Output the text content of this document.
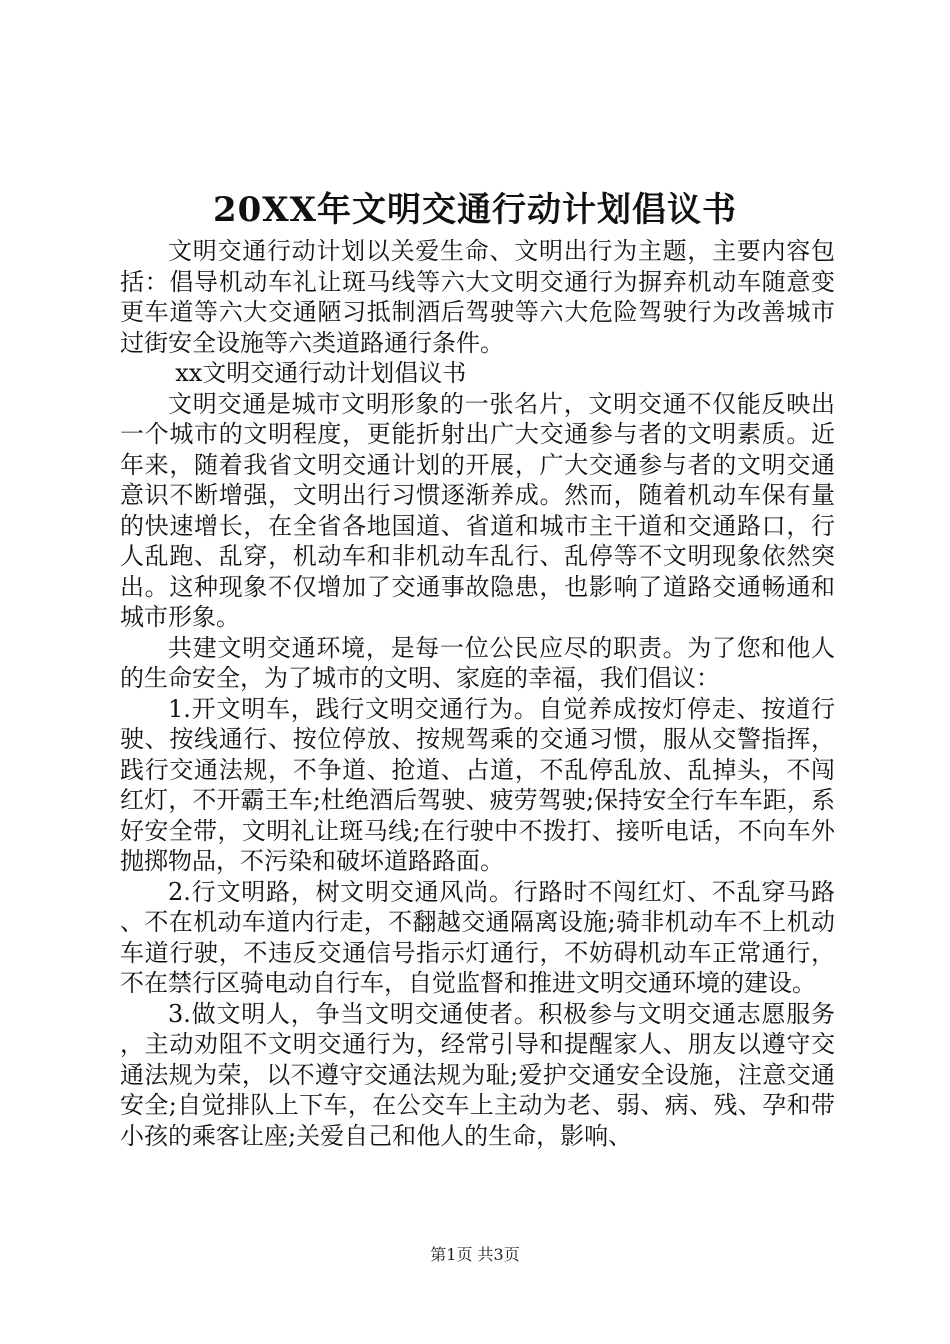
20XX年文明交通行动计划倡议书

文明交通行动计划以关爱生命、文明出行为主题，主要内容包括：倡导机动车礼让斑马线等六大文明交通行为摒弃机动车随意变更车道等六大交通陋习抵制酒后驾驶等六大危险驾驶行为改善城市过街安全设施等六类道路通行条件。

xx文明交通行动计划倡议书

文明交通是城市文明形象的一张名片，文明交通不仅能反映出一个城市的文明程度，更能折射出广大交通参与者的文明素质。近年来，随着我省文明交通计划的开展，广大交通参与者的文明交通意识不断增强，文明出行习惯逐渐养成。然而，随着机动车保有量的快速增长，在全省各地国道、省道和城市主干道和交通路口，行人乱跑、乱穿，机动车和非机动车乱行、乱停等不文明现象依然突出。这种现象不仅增加了交通事故隐患，也影响了道路交通畅通和城市形象。

共建文明交通环境，是每一位公民应尽的职责。为了您和他人的生命安全，为了城市的文明、家庭的幸福，我们倡议：

1.开文明车，践行文明交通行为。自觉养成按灯停走、按道行驶、按线通行、按位停放、按规驾乘的交通习惯，服从交警指挥，践行交通法规，不争道、抢道、占道，不乱停乱放、乱掉头，不闯红灯，不开霸王车;杜绝酒后驾驶、疲劳驾驶;保持安全行车车距，系好安全带，文明礼让斑马线;在行驶中不拨打、接听电话，不向车外抛掷物品，不污染和破坏道路路面。

2.行文明路，树文明交通风尚。行路时不闯红灯、不乱穿马路、不在机动车道内行走，不翻越交通隔离设施;骑非机动车不上机动车道行驶，不违反交通信号指示灯通行，不妨碍机动车正常通行，不在禁行区骑电动自行车，自觉监督和推进文明交通环境的建设。

3.做文明人，争当文明交通使者。积极参与文明交通志愿服务，主动劝阻不文明交通行为，经常引导和提醒家人、朋友以遵守交通法规为荣，以不遵守交通法规为耻;爱护交通安全设施，注意交通安全;自觉排队上下车，在公交车上主动为老、弱、病、残、孕和带小孩的乘客让座;关爱自己和他人的生命，影响、

第1页 共3页
